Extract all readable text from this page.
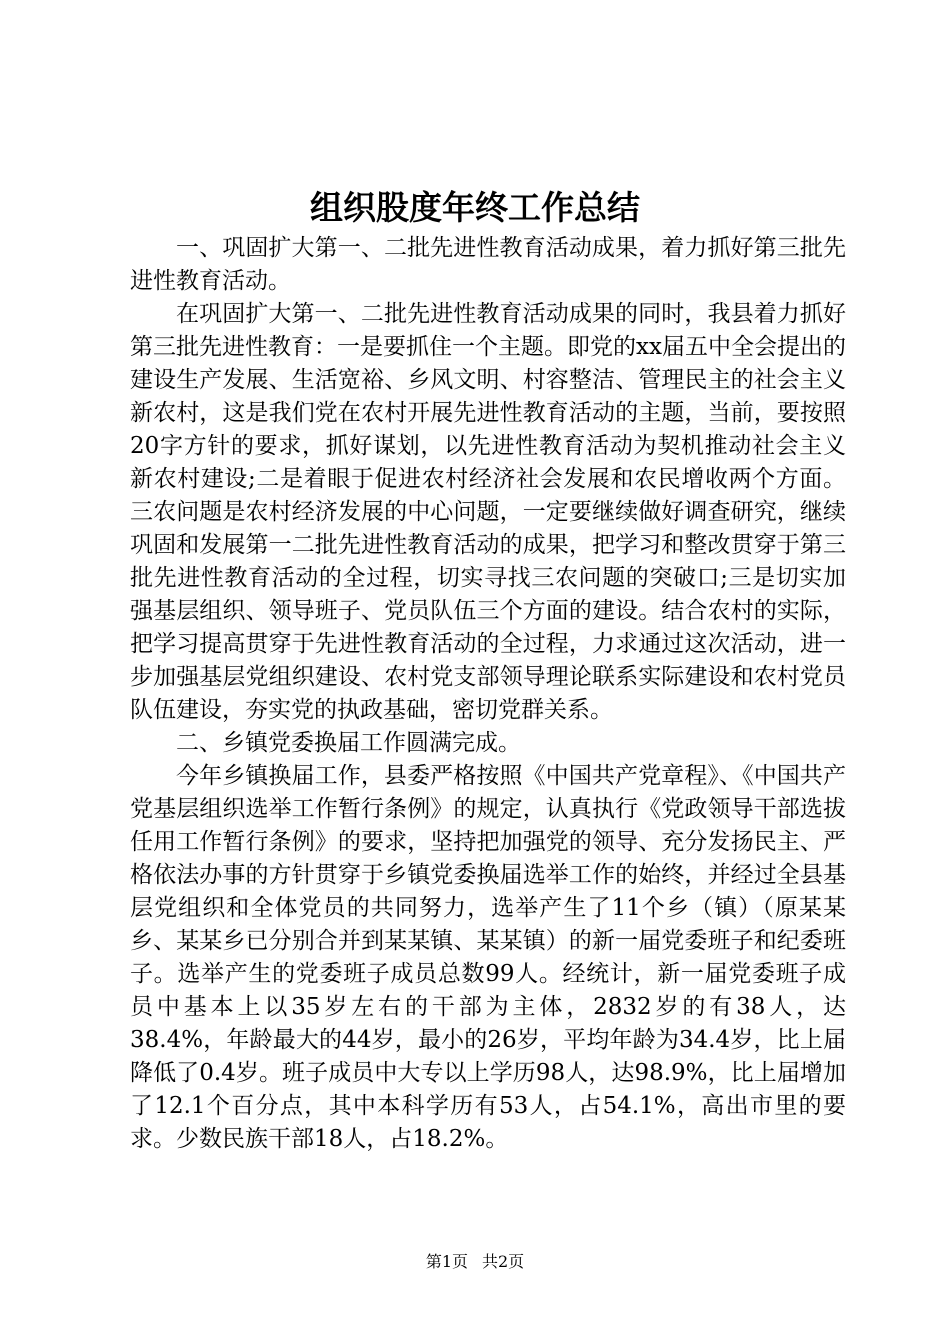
组织股度年终工作总结

一、巩固扩大第一、二批先进性教育活动成果，着力抓好第三批先进性教育活动。

在巩固扩大第一、二批先进性教育活动成果的同时，我县着力抓好第三批先进性教育：一是要抓住一个主题。即党的xx届五中全会提出的建设生产发展、生活宽裕、乡风文明、村容整洁、管理民主的社会主义新农村，这是我们党在农村开展先进性教育活动的主题，当前，要按照20字方针的要求，抓好谋划，以先进性教育活动为契机推动社会主义新农村建设;二是着眼于促进农村经济社会发展和农民增收两个方面。三农问题是农村经济发展的中心问题，一定要继续做好调查研究，继续巩固和发展第一二批先进性教育活动的成果，把学习和整改贯穿于第三批先进性教育活动的全过程，切实寻找三农问题的突破口;三是切实加强基层组织、领导班子、党员队伍三个方面的建设。结合农村的实际，把学习提高贯穿于先进性教育活动的全过程，力求通过这次活动，进一步加强基层党组织建设、农村党支部领导理论联系实际建设和农村党员队伍建设，夯实党的执政基础，密切党群关系。

二、乡镇党委换届工作圆满完成。

今年乡镇换届工作，县委严格按照《中国共产党章程》、《中国共产党基层组织选举工作暂行条例》的规定，认真执行《党政领导干部选拔任用工作暂行条例》的要求，坚持把加强党的领导、充分发扬民主、严格依法办事的方针贯穿于乡镇党委换届选举工作的始终，并经过全县基层党组织和全体党员的共同努力，选举产生了11个乡（镇）（原某某乡、某某乡已分别合并到某某镇、某某镇）的新一届党委班子和纪委班子。选举产生的党委班子成员总数99人。经统计，新一届党委班子成员中基本上以35岁左右的干部为主体，2832岁的有38人，达38.4%，年龄最大的44岁，最小的26岁，平均年龄为34.4岁，比上届降低了0.4岁。班子成员中大专以上学历98人，达98.9%，比上届增加了12.1个百分点，其中本科学历有53人，占54.1%，高出市里的要求。少数民族干部18人，占18.2%。

第1页 共2页
